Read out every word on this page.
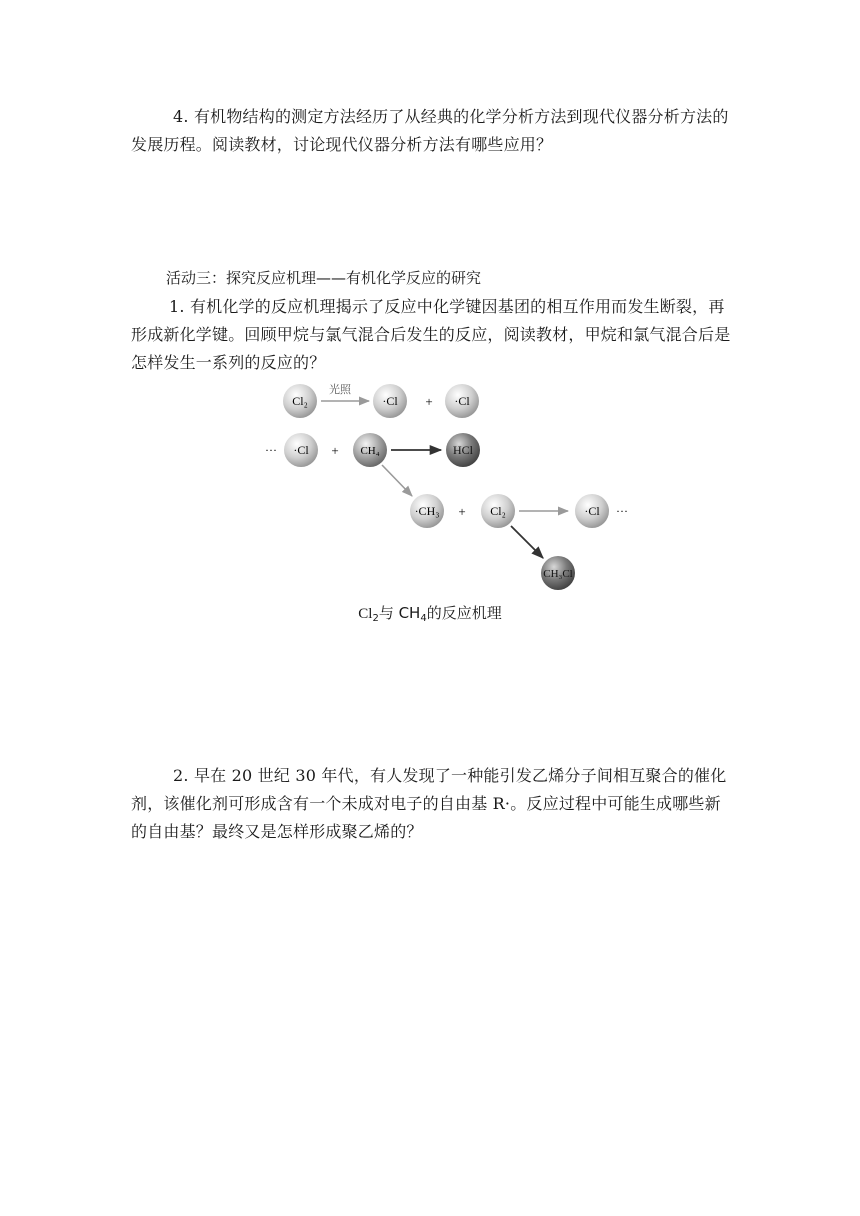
4. 有机物结构的测定方法经历了从经典的化学分析方法到现代仪器分析方法的发展历程。阅读教材，讨论现代仪器分析方法有哪些应用？

活动三：探究反应机理——有机化学反应的研究

1. 有机化学的反应机理揭示了反应中化学键因基团的相互作用而发生断裂，再形成新化学键。回顾甲烷与氯气混合后发生的反应，阅读教材，甲烷和氯气混合后是怎样发生一系列的反应的？

Cl₂
光照
·Cl + ·Cl
··· ·Cl + CH₄	HCl
·CH₃ + Cl₂	·Cl ···
CH₃Cl
$Cl_2$与 $CH_4$的反应机理

2. 早在 20 世纪 30 年代，有人发现了一种能引发乙烯分子间相互聚合的催化剂，该催化剂可形成含有一个未成对电子的自由基 R·。反应过程中可能生成哪些新的自由基？最终又是怎样形成聚乙烯的？
